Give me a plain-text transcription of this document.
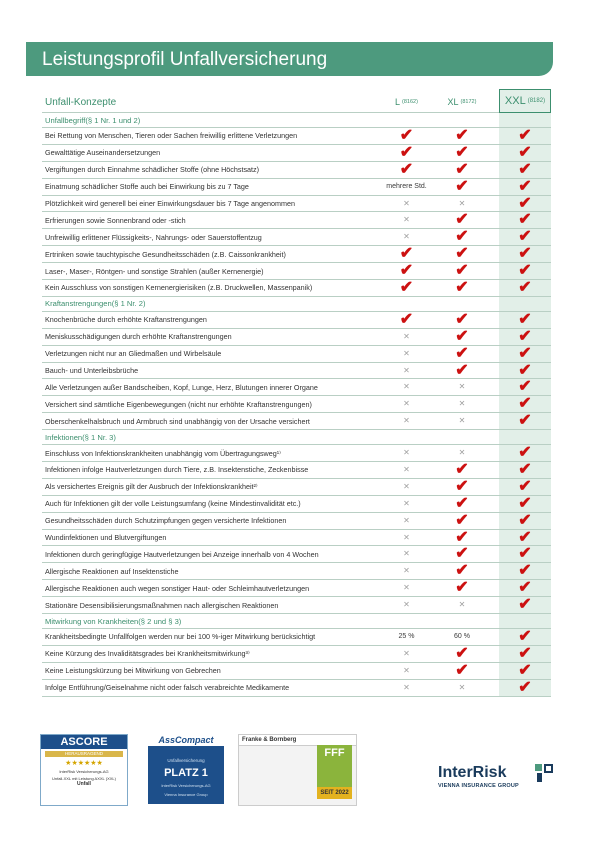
Leistungsprofil Unfallversicherung
Unfall-Konzepte	L (8162)	XL (8172)	XXL (8182)
Unfallbegriff (§ 1 Nr. 1 und 2)
Bei Rettung von Menschen, Tieren oder Sachen freiwillig erlittene Verletzungen	✔	✔	✔
Gewalttätige Auseinandersetzungen	✔	✔	✔
Vergiftungen durch Einnahme schädlicher Stoffe (ohne Höchstsatz)	✔	✔	✔
Einatmung schädlicher Stoffe auch bei Einwirkung bis zu 7 Tage	mehrere Std.	✔	✔
Plötzlichkeit wird generell bei einer Einwirkungsdauer bis 7 Tage angenommen	✕	✕	✔
Erfrierungen sowie Sonnenbrand oder -stich	✕	✔	✔
Unfreiwillig erlittener Flüssigkeits-, Nahrungs- oder Sauerstoffentzug	✕	✔	✔
Ertrinken sowie tauchtypische Gesundheitsschäden (z.B. Caissonkrankheit)	✔	✔	✔
Laser-, Maser-, Röntgen- und sonstige Strahlen (außer Kernenergie)	✔	✔	✔
Kein Ausschluss von sonstigen Kernenergierisiken (z.B. Druckwellen, Massenpanik)	✔	✔	✔
Kraftanstrengungen (§ 1 Nr. 2)
Knochenbrüche durch erhöhte Kraftanstrengungen	✔	✔	✔
Meniskusschädigungen durch erhöhte Kraftanstrengungen	✕	✔	✔
Verletzungen nicht nur an Gliedmaßen und Wirbelsäule	✕	✔	✔
Bauch- und Unterleibsbrüche	✕	✔	✔
Alle Verletzungen außer Bandscheiben, Kopf, Lunge, Herz, Blutungen innerer Organe	✕	✕	✔
Versichert sind sämtliche Eigenbewegungen (nicht nur erhöhte Kraftanstrengungen)	✕	✕	✔
Oberschenkelhalsbruch und Armbruch sind unabhängig von der Ursache versichert	✕	✕	✔
Infektionen (§ 1 Nr. 3)
Einschluss von Infektionskrankheiten unabhängig vom Übertragungsweg¹⁾	✕	✕	✔
Infektionen infolge Hautverletzungen durch Tiere, z.B. Insektenstiche, Zeckenbisse	✕	✔	✔
Als versichertes Ereignis gilt der Ausbruch der Infektionskrankheit²⁾	✕	✔	✔
Auch für Infektionen gilt der volle Leistungsumfang (keine Mindestinvalidität etc.)	✕	✔	✔
Gesundheitsschäden durch Schutzimpfungen gegen versicherte Infektionen	✕	✔	✔
Wundinfektionen und Blutvergiftungen	✕	✔	✔
Infektionen durch geringfügige Hautverletzungen bei Anzeige innerhalb von 4 Wochen	✕	✔	✔
Allergische Reaktionen auf Insektenstiche	✕	✔	✔
Allergische Reaktionen auch wegen sonstiger Haut- oder Schleimhautverletzungen	✕	✔	✔
Stationäre Desensibilisierungsmaßnahmen nach allergischen Reaktionen	✕	✕	✔
Mitwirkung von Krankheiten (§ 2 und § 3)
Krankheitsbedingte Unfallfolgen werden nur bei 100 %-iger Mitwirkung berücksichtigt	25 %	60 %	✔
Keine Kürzung des Invaliditätsgrades bei Krankheitsmitwirkung³⁾	✕	✔	✔
Keine Leistungskürzung bei Mitwirkung von Gebrechen	✕	✔	✔
Infolge Entführung/Geiselnahme nicht oder falsch verabreichte Medikamente	✕	✕	✔
ASCORE
HERAUSRAGEND
★★★★★★
InterRisk Versicherungs-AG
Unfall-XXL mit Leistung AXXL (XXL)
Unfall
AssCompact
Unfallversicherung
PLATZ 1
InterRisk Versicherungs-AG
Vienna Insurance Group
Franke & Bornberg
FFF
SEIT 2022
InterRisk
VIENNA INSURANCE GROUP
